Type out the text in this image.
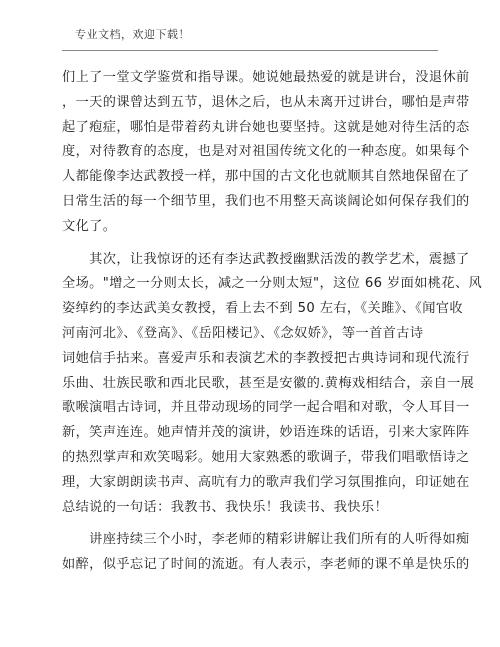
专业文档，欢迎下载！
们上了一堂文学鉴赏和指导课。她说她最热爱的就是讲台，没退休前
，一天的课曾达到五节，退休之后，也从未离开过讲台，哪怕是声带
起了疱症，哪怕是带着药丸讲台她也要坚持。这就是她对待生活的态
度，对待教育的态度，也是对对祖国传统文化的一种态度。如果每个
人都能像李达武教授一样，那中国的古文化也就顺其自然地保留在了
日常生活的每一个细节里，我们也不用整天高谈阔论如何保存我们的
文化了。
　　其次，让我惊讶的还有李达武教授幽默活泼的教学艺术，震撼了
全场。"增之一分则太长，减之一分则太短"，这位 66 岁面如桃花、风
姿绰约的李达武美女教授，看上去不到 50 左右，《关雎》、《闻官收
河南河北》、《登高》、《岳阳楼记》、《念奴娇》，等一首首古诗
词她信手拈来。喜爱声乐和表演艺术的李教授把古典诗词和现代流行
乐曲、壮族民歌和西北民歌，甚至是安徽的.黄梅戏相结合，亲自一展
歌喉演唱古诗词，并且带动现场的同学一起合唱和对歌，令人耳目一
新，笑声连连。她声情并茂的演讲，妙语连珠的话语，引来大家阵阵
的热烈掌声和欢笑喝彩。她用大家熟悉的歌调子，带我们唱歌悟诗之
理，大家朗朗读书声、高吭有力的歌声我们学习氛围推向，印证她在
总结说的一句话：我教书、我快乐！我读书、我快乐！
　　讲座持续三个小时，李老师的精彩讲解让我们所有的人听得如痴
如醉，似乎忘记了时间的流逝。有人表示，李老师的课不单是快乐的
